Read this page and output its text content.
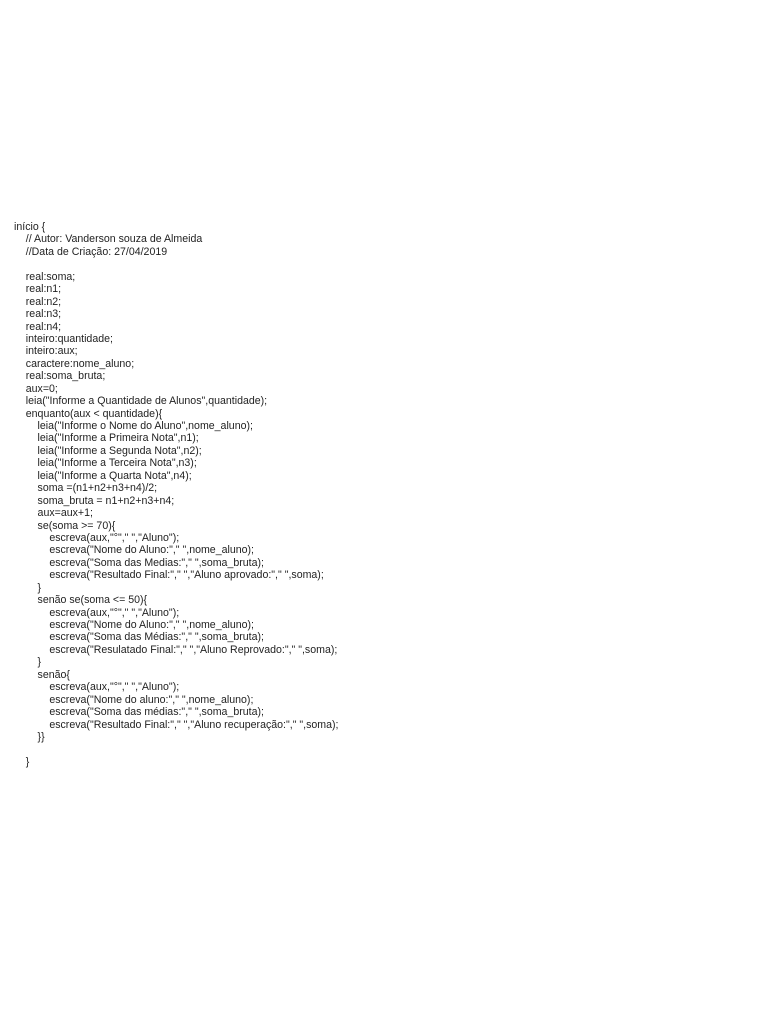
início {
// Autor: Vanderson souza de Almeida
//Data de Criação: 27/04/2019
real:soma;
real:n1;
real:n2;
real:n3;
real:n4;
inteiro:quantidade;
inteiro:aux;
caractere:nome_aluno;
real:soma_bruta;
aux=0;
leia("Informe a Quantidade de Alunos",quantidade);
enquanto(aux < quantidade){
leia("Informe o Nome do Aluno",nome_aluno);
leia("Informe a Primeira Nota",n1);
leia("Informe a Segunda Nota",n2);
leia("Informe a Terceira Nota",n3);
leia("Informe a Quarta Nota",n4);
soma =(n1+n2+n3+n4)/2;
soma_bruta = n1+n2+n3+n4;
aux=aux+1;
se(soma >= 70){
escreva(aux,"°"," ","Aluno");
escreva("Nome do Aluno:"," ",nome_aluno);
escreva("Soma das Medias:"," ",soma_bruta);
escreva("Resultado Final:"," ","Aluno aprovado:"," ",soma);
}
senão se(soma <= 50){
escreva(aux,"°"," ","Aluno");
escreva("Nome do Aluno:"," ",nome_aluno);
escreva("Soma das Médias:"," ",soma_bruta);
escreva("Resulatado Final:"," ","Aluno Reprovado:"," ",soma);
}
senão{
escreva(aux,"°"," ","Aluno");
escreva("Nome do aluno:"," ",nome_aluno);
escreva("Soma das médias:"," ",soma_bruta);
escreva("Resultado Final:"," ","Aluno recuperação:"," ",soma);
}}
}
